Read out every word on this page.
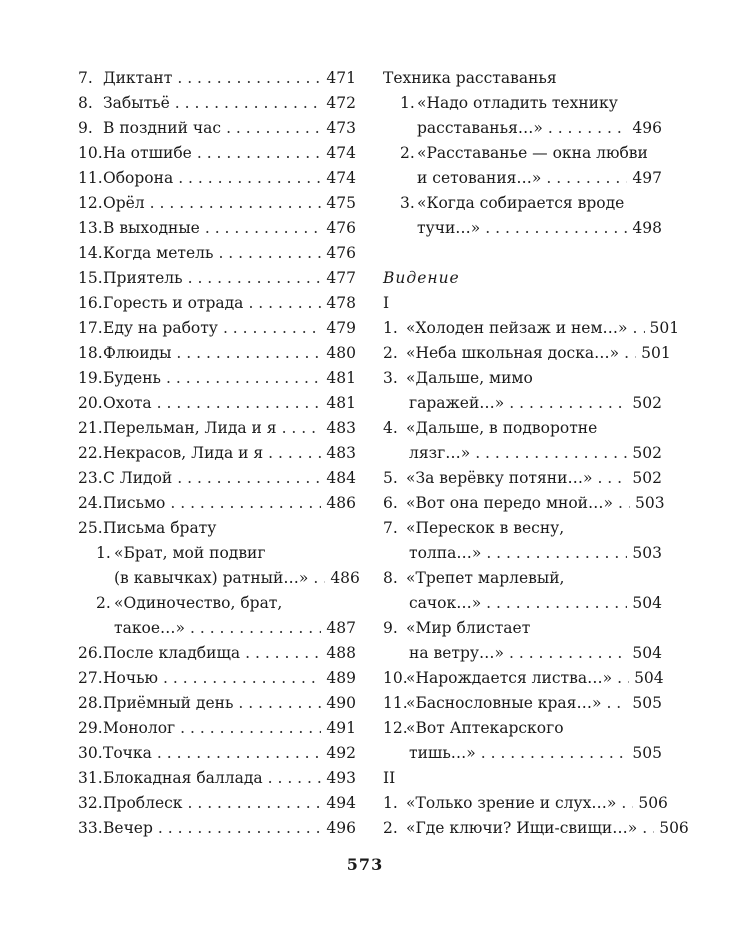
7. Диктант . . .	471
8. Забытьё . . .	472
9. В поздний час . . .	473
10. На отшибе . . .	474
11. Оборона . . .	474
12. Орёл . . .	475
13. В выходные . . .	476
14. Когда метель . . .	476
15. Приятель . . .	477
16. Горесть и отрада . . .	478
17. Еду на работу . . .	479
18. Флюиды . . .	480
19. Будень . . .	481
20. Охота . . .	481
21. Перельман, Лида и я . . .	483
22. Некрасов, Лида и я . . .	483
23. С Лидой . . .	484
24. Письмо . . .	486
25. Письма брату
1. «Брат, мой подвиг
(в кавычках) ратный…» . . . 486
2. «Одиночество, брат,
такое…» . . .	487
26. После кладбища . . .	488
27. Ночью . . .	489
28. Приёмный день . . .	490
29. Монолог . . .	491
30. Точка . . .	492
31. Блокадная баллада . . .	493
32. Проблеск . . .	494
33. Вечер . . .	496
Техника расставанья
1. «Надо отладить технику
расставанья…» . . .	496
2. «Расставанье — окна любви
и сетования…» . . .	497
3. «Когда собирается вроде
тучи…» . . .	498
Видение
I
1. «Холоден пейзаж и нем…» . . . 501
2. «Неба школьная доска…» . . . 501
3. «Дальше, мимо
гаражей…» . . .	502
4. «Дальше, в подворотне
лязг…» . . .	502
5. «За верёвку потяни…» . . .	502
6. «Вот она передо мной…» . . . 503
7. «Перескок в весну,
толпа…» . . .	503
8. «Трепет марлевый,
сачок…» . . .	504
9. «Мир блистает
на ветру…» . . .	504
10.
«Нарождается листва…» . . . 504
11.
«Баснословные края…» . . . 505
12.
«Вот Аптекарского
тишь…» . . .	505
II
1. «Только зрение и слух…» . . . 506
2. «Где ключи? Ищи-свищи…» . . . 506
573
